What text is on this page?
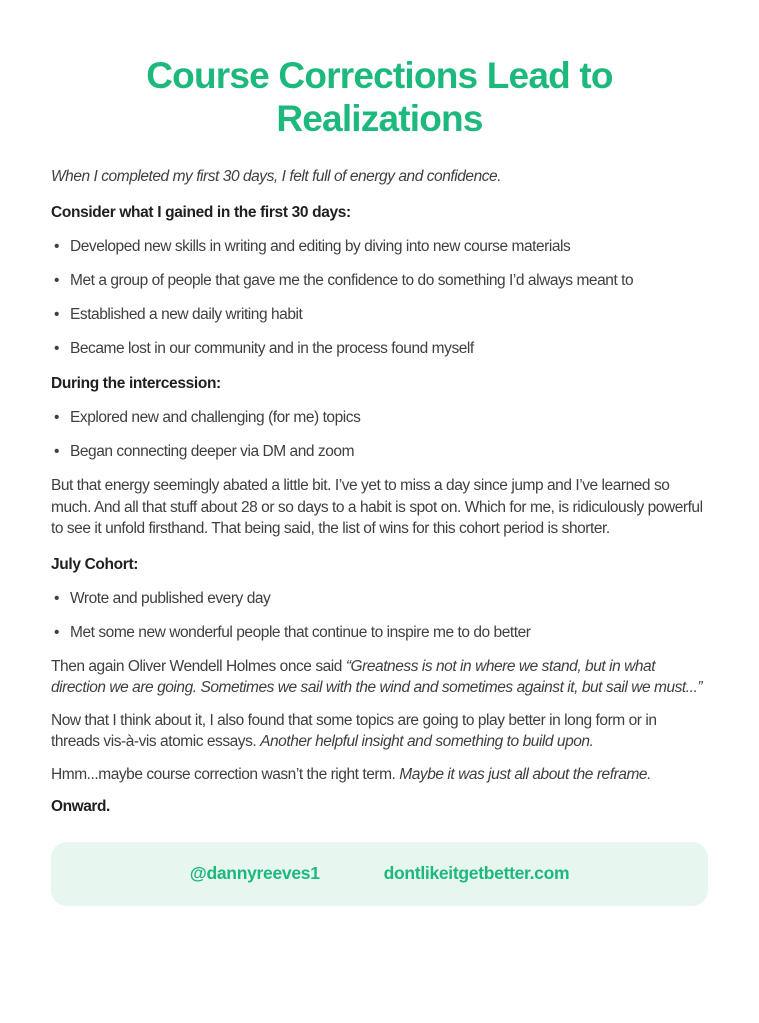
Course Corrections Lead to Realizations

When I completed my first 30 days, I felt full of energy and confidence.

Consider what I gained in the first 30 days:

• Developed new skills in writing and editing by diving into new course materials

• Met a group of people that gave me the confidence to do something I’d always meant to

• Established a new daily writing habit

• Became lost in our community and in the process found myself

During the intercession:

• Explored new and challenging (for me) topics

• Began connecting deeper via DM and zoom

But that energy seemingly abated a little bit. I’ve yet to miss a day since jump and I’ve learned so much. And all that stuff about 28 or so days to a habit is spot on. Which for me, is ridiculously powerful to see it unfold firsthand. That being said, the list of wins for this cohort period is shorter.

July Cohort:

• Wrote and published every day

• Met some new wonderful people that continue to inspire me to do better

Then again Oliver Wendell Holmes once said “Greatness is not in where we stand, but in what direction we are going. Sometimes we sail with the wind and sometimes against it, but sail we must...”

Now that I think about it, I also found that some topics are going to play better in long form or in threads vis-à-vis atomic essays. Another helpful insight and something to build upon.

Hmm...maybe course correction wasn’t the right term. Maybe it was just all about the reframe.

Onward.

@dannyreeves1	dontlikeitgetbetter.com
